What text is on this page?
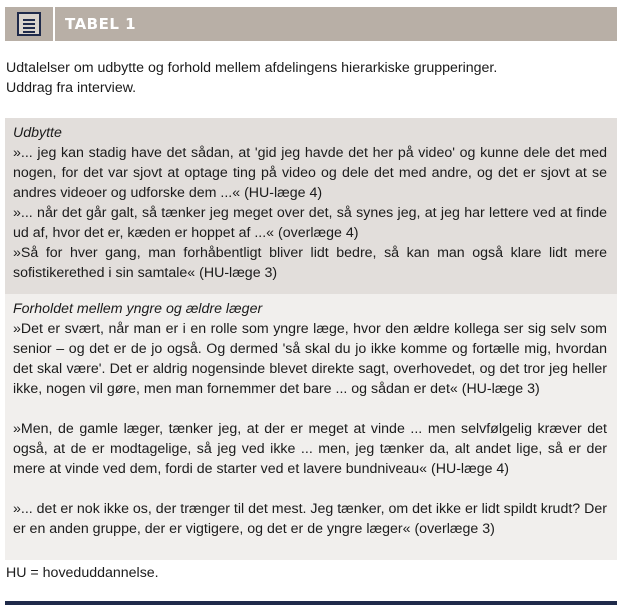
TABEL 1
Udtalelser om udbytte og forhold mellem afdelingens hierarkiske grupperinger.
Uddrag fra interview.
Udbytte
»... jeg kan stadig have det sådan, at 'gid jeg havde det her på video' og kunne dele det med nogen, for det var sjovt at optage ting på video og dele det med andre, og det er sjovt at se andres videoer og udforske dem ...« (HU-læge 4)
»... når det går galt, så tænker jeg meget over det, så synes jeg, at jeg har lettere ved at finde ud af, hvor det er, kæden er hoppet af ...« (overlæge 4)
»Så for hver gang, man forhåbentligt bliver lidt bedre, så kan man også klare lidt mere sofistikerethed i sin samtale« (HU-læge 3)
Forholdet mellem yngre og ældre læger
»Det er svært, når man er i en rolle som yngre læge, hvor den ældre kollega ser sig selv som senior – og det er de jo også. Og dermed 'så skal du jo ikke komme og fortælle mig, hvordan det skal være'. Det er aldrig nogensinde blevet direkte sagt, overhovedet, og det tror jeg heller ikke, nogen vil gøre, men man fornemmer det bare ... og sådan er det« (HU-læge 3)
»Men, de gamle læger, tænker jeg, at der er meget at vinde ... men selvfølgelig kræver det også, at de er modtagelige, så jeg ved ikke ... men, jeg tænker da, alt andet lige, så er der mere at vinde ved dem, fordi de starter ved et lavere bundniveau« (HU-læge 4)
»... det er nok ikke os, der trænger til det mest. Jeg tænker, om det ikke er lidt spildt krudt? Der er en anden gruppe, der er vigtigere, og det er de yngre læger« (overlæge 3)
HU = hoveduddannelse.
